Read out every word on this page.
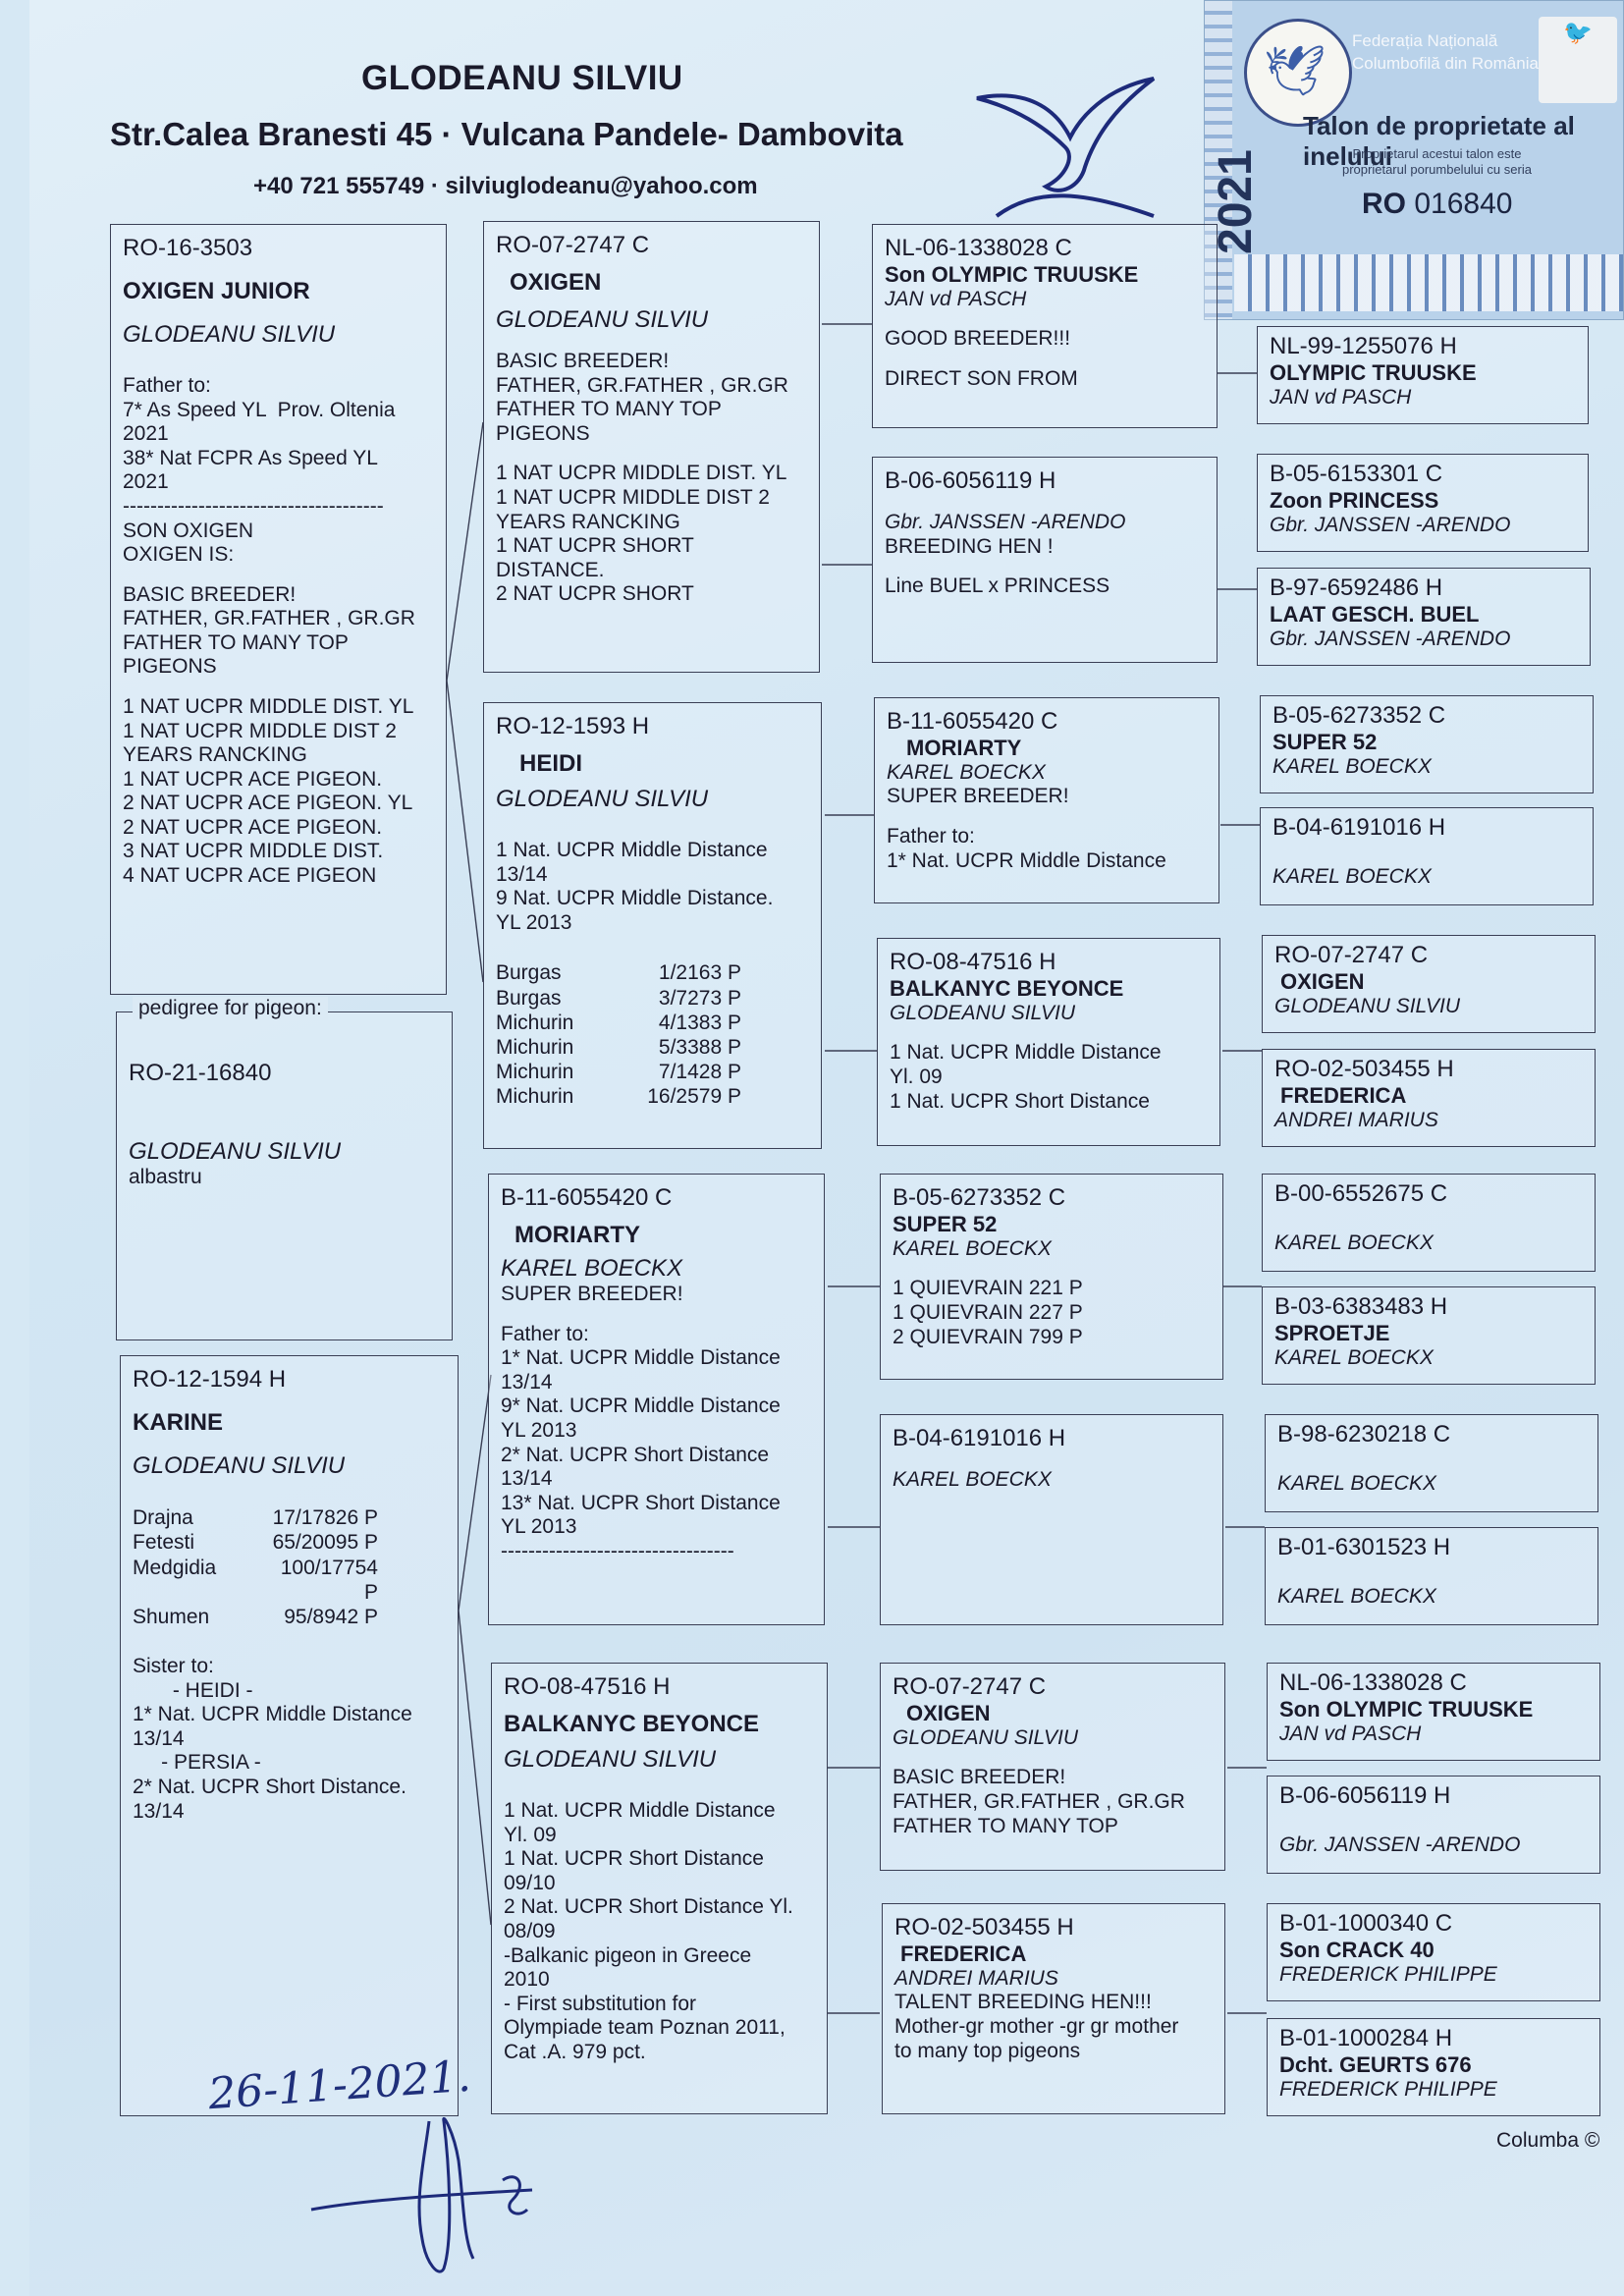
GLODEANU SILVIU
Str.Calea Branesti 45 · Vulcana Pandele- Dambovita
+40 721 555749 · silviuglodeanu@yahoo.com
🕊
Federația Națională
Columbofilă din România
🐦
Talon de proprietate al inelului
Proprietarul acestui talon este
proprietarul porumbelului cu seria
RO 016840
2021
RO-16-3503
OXIGEN JUNIOR
GLODEANU SILVIU
Father to:
7* As Speed YL  Prov. Oltenia
2021
38* Nat FCPR As Speed YL
2021
--------------------------------------
SON OXIGEN
OXIGEN IS:
BASIC BREEDER!
FATHER, GR.FATHER , GR.GR
FATHER TO MANY TOP
PIGEONS
1 NAT UCPR MIDDLE DIST. YL
1 NAT UCPR MIDDLE DIST 2
YEARS RANCKING
1 NAT UCPR ACE PIGEON.
2 NAT UCPR ACE PIGEON. YL
2 NAT UCPR ACE PIGEON.
3 NAT UCPR MIDDLE DIST.
4 NAT UCPR ACE PIGEON
pedigree for pigeon:
RO-21-16840
GLODEANU SILVIU
albastru
RO-12-1594 H
KARINE
GLODEANU SILVIU
Drajna	17/17826 P
Fetesti	65/20095 P
Medgidia	100/17754 P
Shumen	95/8942 P
Sister to:
- HEIDI -
1* Nat. UCPR Middle Distance
13/14
- PERSIA -
2* Nat. UCPR Short Distance.
13/14
RO-07-2747 C
OXIGEN
GLODEANU SILVIU
BASIC BREEDER!
FATHER, GR.FATHER , GR.GR
FATHER TO MANY TOP
PIGEONS
1 NAT UCPR MIDDLE DIST. YL
1 NAT UCPR MIDDLE DIST 2
YEARS RANCKING
1 NAT UCPR SHORT
DISTANCE.
2 NAT UCPR SHORT
RO-12-1593 H
HEIDI
GLODEANU SILVIU
1 Nat. UCPR Middle Distance
13/14
9 Nat. UCPR Middle Distance.
YL 2013
Burgas	1/2163 P
Burgas	3/7273 P
Michurin	4/1383 P
Michurin	5/3388 P
Michurin	7/1428 P
Michurin	16/2579 P
B-11-6055420 C
MORIARTY
KAREL BOECKX
SUPER BREEDER!
Father to:
1* Nat. UCPR Middle Distance
13/14
9* Nat. UCPR Middle Distance
YL 2013
2* Nat. UCPR Short Distance
13/14
13* Nat. UCPR Short Distance
YL 2013
----------------------------------
RO-08-47516 H
BALKANYC BEYONCE
GLODEANU SILVIU
1 Nat. UCPR Middle Distance
Yl. 09
1 Nat. UCPR Short Distance
09/10
2 Nat. UCPR Short Distance Yl.
08/09
-Balkanic pigeon in Greece
2010
- First substitution for
Olympiade team Poznan 2011,
Cat .A. 979 pct.
NL-06-1338028 C
Son OLYMPIC TRUUSKE
JAN vd PASCH
GOOD BREEDER!!!
DIRECT SON FROM
B-06-6056119 H
Gbr. JANSSEN -ARENDO
BREEDING HEN !
Line BUEL x PRINCESS
B-11-6055420 C
MORIARTY
KAREL BOECKX
SUPER BREEDER!
Father to:
1* Nat. UCPR Middle Distance
RO-08-47516 H
BALKANYC BEYONCE
GLODEANU SILVIU
1 Nat. UCPR Middle Distance
Yl. 09
1 Nat. UCPR Short Distance
B-05-6273352 C
SUPER 52
KAREL BOECKX
1 QUIEVRAIN 221 P
1 QUIEVRAIN 227 P
2 QUIEVRAIN 799 P
B-04-6191016 H
KAREL BOECKX
RO-07-2747 C
OXIGEN
GLODEANU SILVIU
BASIC BREEDER!
FATHER, GR.FATHER , GR.GR
FATHER TO MANY TOP
RO-02-503455 H
FREDERICA
ANDREI MARIUS
TALENT BREEDING HEN!!!
Mother-gr mother -gr gr mother
to many top pigeons
NL-99-1255076 H
OLYMPIC TRUUSKE
JAN vd PASCH
B-05-6153301 C
Zoon PRINCESS
Gbr. JANSSEN -ARENDO
B-97-6592486 H
LAAT GESCH. BUEL
Gbr. JANSSEN -ARENDO
B-05-6273352 C
SUPER 52
KAREL BOECKX
B-04-6191016 H
KAREL BOECKX
RO-07-2747 C
OXIGEN
GLODEANU SILVIU
RO-02-503455 H
FREDERICA
ANDREI MARIUS
B-00-6552675 C
KAREL BOECKX
B-03-6383483 H
SPROETJE
KAREL BOECKX
B-98-6230218 C
KAREL BOECKX
B-01-6301523 H
KAREL BOECKX
NL-06-1338028 C
Son OLYMPIC TRUUSKE
JAN vd PASCH
B-06-6056119 H
Gbr. JANSSEN -ARENDO
B-01-1000340 C
Son CRACK 40
FREDERICK PHILIPPE
B-01-1000284 H
Dcht. GEURTS 676
FREDERICK PHILIPPE
26-11-2021.
Columba ©
